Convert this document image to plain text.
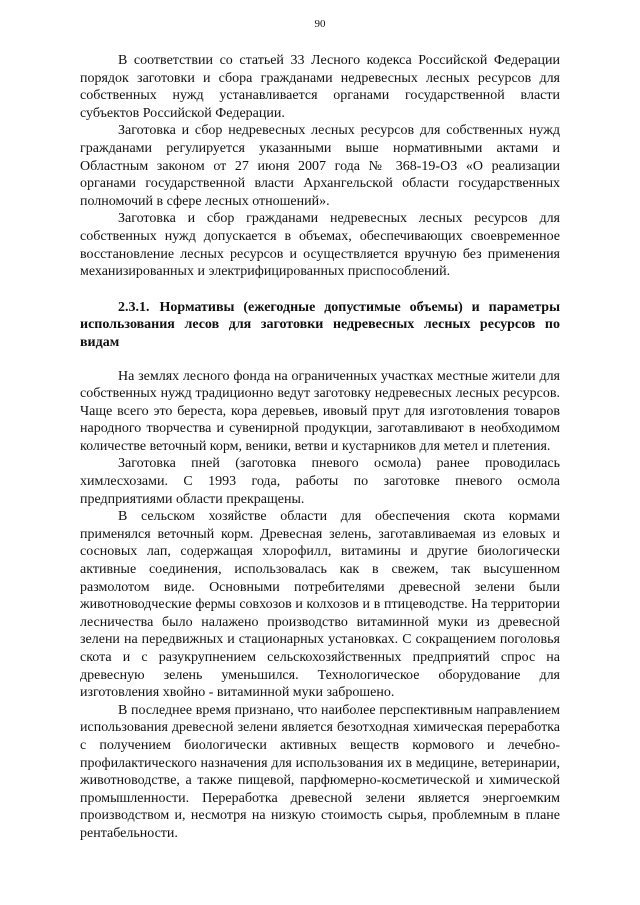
90

В соответствии со статьей 33 Лесного кодекса Российской Федерации порядок заготовки и сбора гражданами недревесных лесных ресурсов для собственных нужд устанавливается органами государственной власти субъектов Российской Федерации.

Заготовка и сбор недревесных лесных ресурсов для собственных нужд гражданами регулируется указанными выше нормативными актами и Областным законом от 27 июня 2007 года № 368-19-ОЗ «О реализации органами государственной власти Архангельской области государственных полномочий в сфере лесных отношений».

Заготовка и сбор гражданами недревесных лесных ресурсов для собственных нужд допускается в объемах, обеспечивающих своевременное восстановление лесных ресурсов и осуществляется вручную без применения механизированных и электрифицированных приспособлений.

2.3.1. Нормативы (ежегодные допустимые объемы) и параметры использования лесов для заготовки недревесных лесных ресурсов по видам

На землях лесного фонда на ограниченных участках местные жители для собственных нужд традиционно ведут заготовку недревесных лесных ресурсов. Чаще всего это береста, кора деревьев, ивовый прут для изготовления товаров народного творчества и сувенирной продукции, заготавливают в необходимом количестве веточный корм, веники, ветви и кустарников для метел и плетения.

Заготовка пней (заготовка пневого осмола) ранее проводилась химлесхозами. С 1993 года, работы по заготовке пневого осмола предприятиями области прекращены.

В сельском хозяйстве области для обеспечения скота кормами применялся веточный корм. Древесная зелень, заготавливаемая из еловых и сосновых лап, содержащая хлорофилл, витамины и другие биологически активные соединения, использовалась как в свежем, так высушенном размолотом виде. Основными потребителями древесной зелени были животноводческие фермы совхозов и колхозов и в птицеводстве. На территории лесничества было налажено производство витаминной муки из древесной зелени на передвижных и стационарных установках. С сокращением поголовья скота и с разукрупнением сельскохозяйственных предприятий спрос на древесную зелень уменьшился. Технологическое оборудование для изготовления хвойно - витаминной муки заброшено.

В последнее время признано, что наиболее перспективным направлением использования древесной зелени является безотходная химическая переработка с получением биологически активных веществ кормового и лечебно-профилактического назначения для использования их в медицине, ветеринарии, животноводстве, а также пищевой, парфюмерно-косметической и химической промышленности. Переработка древесной зелени является энергоемким производством и, несмотря на низкую стоимость сырья, проблемным в плане рентабельности.
